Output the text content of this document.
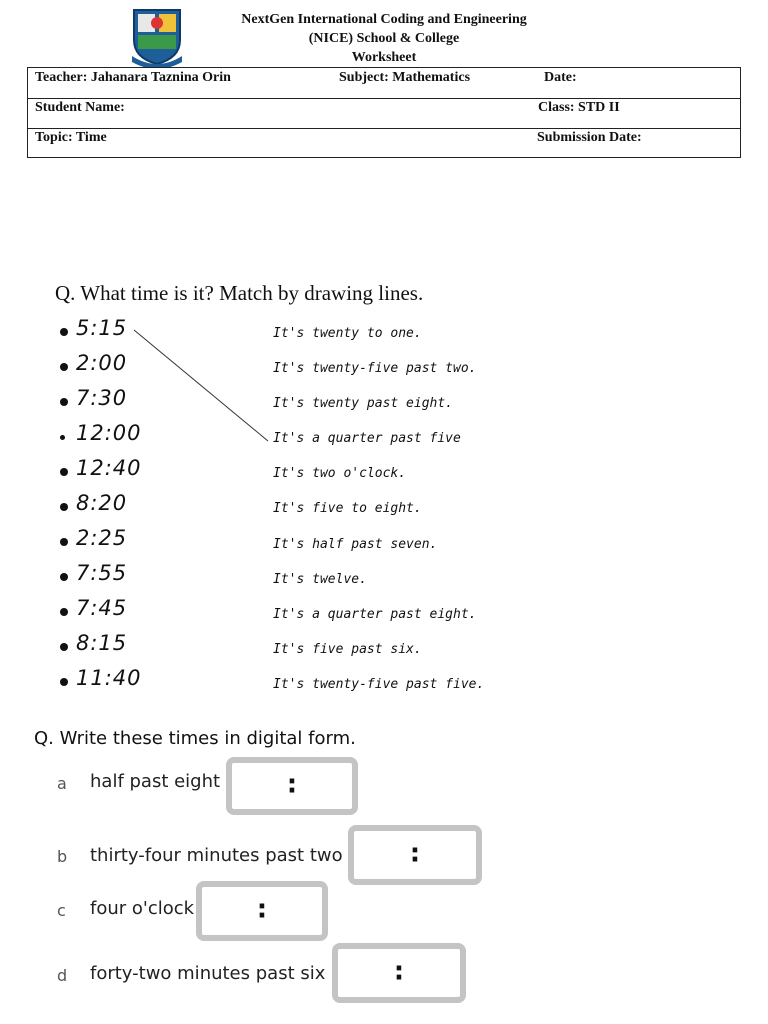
NextGen International Coding and Engineering
(NICE) School & College
Worksheet
Teacher: Jahanara Taznina Orin	Subject: Mathematics	Date:
Student Name:	Class: STD II
Topic: Time	Submission Date:
Q. What time is it? Match by drawing lines.
5:15
2:00
7:30
12:00
12:40
8:20
2:25
7:55
7:45
8:15
11:40
It's twenty to one.
It's twenty-five past two.
It's twenty past eight.
It's a quarter past five
It's two o'clock.
It's five to eight.
It's half past seven.
It's twelve.
It's a quarter past eight.
It's five past six.
It's twenty-five past five.
Q. Write these times in digital form.
a half past eight	:
b thirty-four minutes past two	:
c four o'clock :
d forty-two minutes past six	:
